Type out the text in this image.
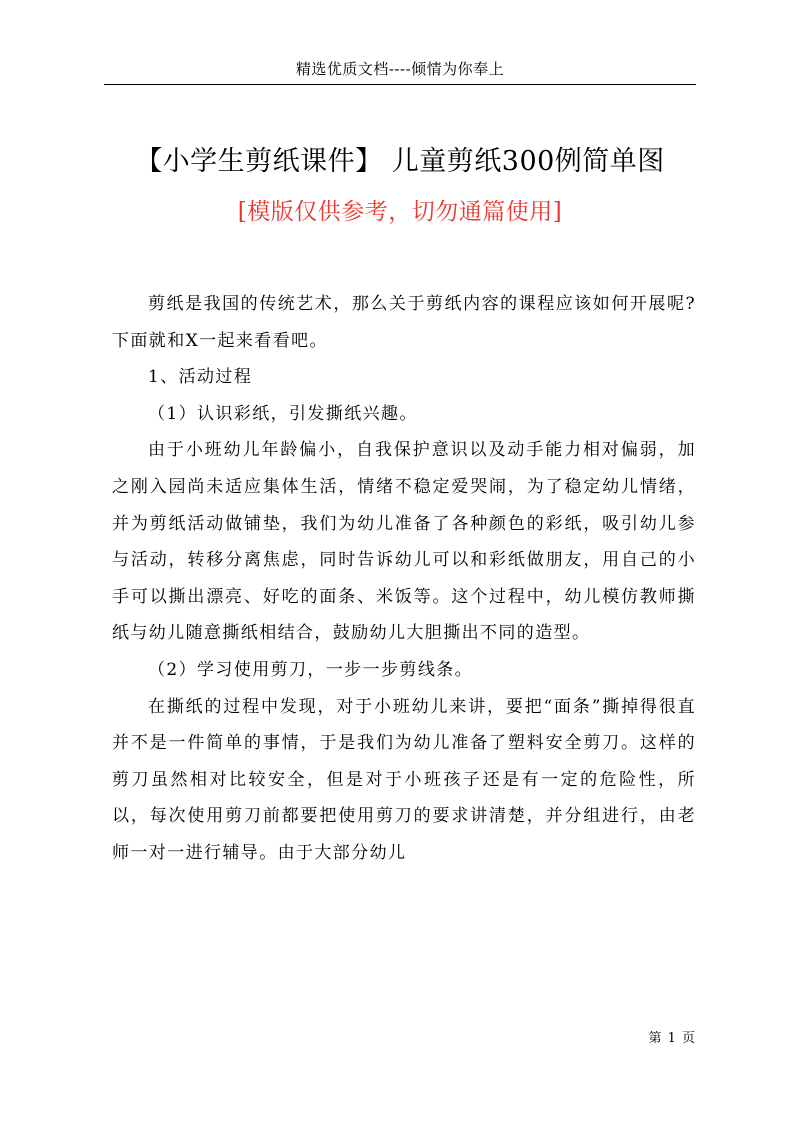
精选优质文档----倾情为你奉上
【小学生剪纸课件】 儿童剪纸300例简单图
[模版仅供参考，切勿通篇使用]

剪纸是我国的传统艺术，那么关于剪纸内容的课程应该如何开展呢?下面就和X一起来看看吧。

1、活动过程

（1）认识彩纸，引发撕纸兴趣。

由于小班幼儿年龄偏小，自我保护意识以及动手能力相对偏弱，加之刚入园尚未适应集体生活，情绪不稳定爱哭闹，为了稳定幼儿情绪，并为剪纸活动做铺垫，我们为幼儿准备了各种颜色的彩纸，吸引幼儿参与活动，转移分离焦虑，同时告诉幼儿可以和彩纸做朋友，用自己的小手可以撕出漂亮、好吃的面条、米饭等。这个过程中，幼儿模仿教师撕纸与幼儿随意撕纸相结合，鼓励幼儿大胆撕出不同的造型。

（2）学习使用剪刀，一步一步剪线条。

在撕纸的过程中发现，对于小班幼儿来讲，要把“面条”撕掉得很直并不是一件简单的事情，于是我们为幼儿准备了塑料安全剪刀。这样的剪刀虽然相对比较安全，但是对于小班孩子还是有一定的危险性，所以，每次使用剪刀前都要把使用剪刀的要求讲清楚，并分组进行，由老师一对一进行辅导。由于大部分幼儿

第 1 页
